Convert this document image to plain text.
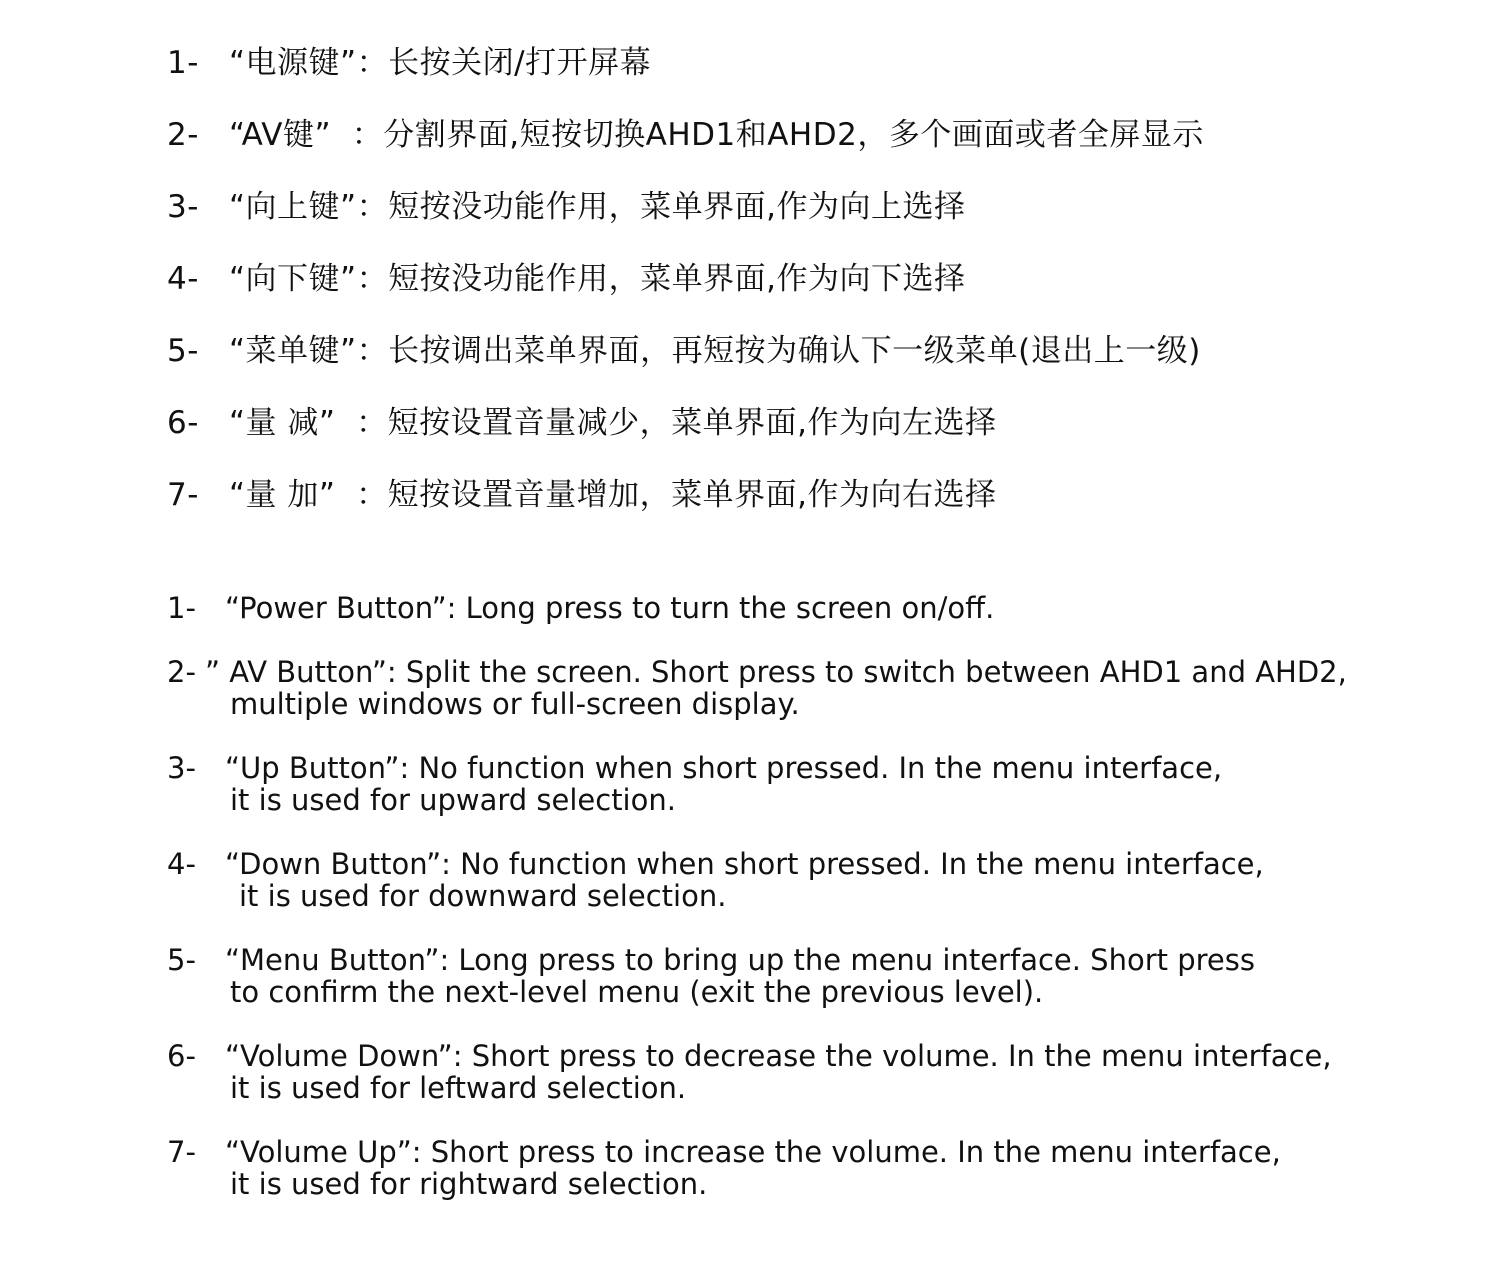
1- “电源键”：长按关闭/打开屏幕
2- “AV键”  ：分割界面,短按切换AHD1和AHD2，多个画面或者全屏显示
3- “向上键”：短按没功能作用，菜单界面,作为向上选择
4- “向下键”：短按没功能作用，菜单界面,作为向下选择
5- “菜单键”：长按调出菜单界面，再短按为确认下一级菜单(退出上一级)
6- “量 减”  ：短按设置音量减少，菜单界面,作为向左选择
7- “量 加”  ：短按设置音量增加，菜单界面,作为向右选择
1- “Power Button”: Long press to turn the screen on/off.
2- ” AV Button”: Split the screen. Short press to switch between AHD1 and AHD2,
multiple windows or full-screen display.
3- “Up Button”: No function when short pressed. In the menu interface,
it is used for upward selection.
4- “Down Button”: No function when short pressed. In the menu interface,
it is used for downward selection.
5- “Menu Button”: Long press to bring up the menu interface. Short press
to confirm the next-level menu (exit the previous level).
6- “Volume Down”: Short press to decrease the volume. In the menu interface,
it is used for leftward selection.
7- “Volume Up”: Short press to increase the volume. In the menu interface,
it is used for rightward selection.
